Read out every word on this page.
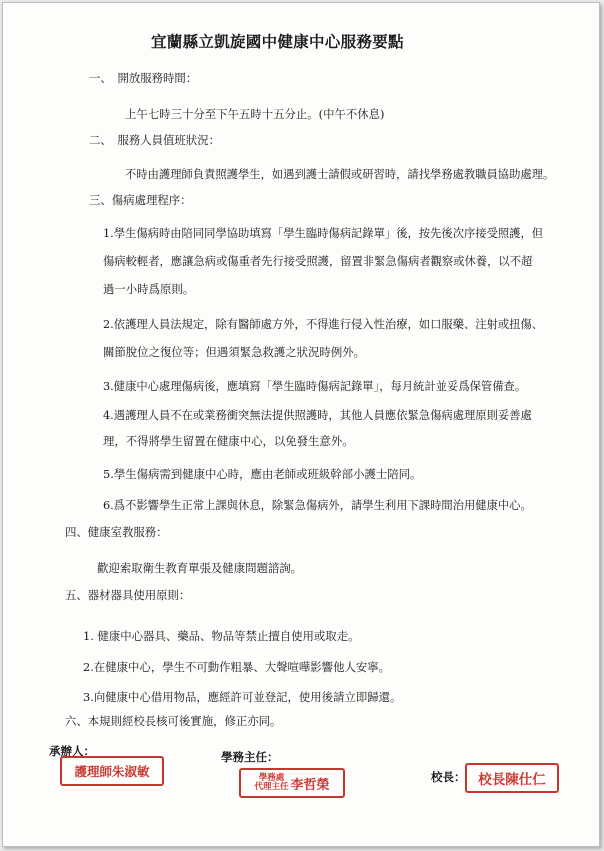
宜蘭縣立凱旋國中健康中心服務要點
一、　開放服務時間：
上午七時三十分至下午五時十五分止。(中午不休息)
二、　服務人員值班狀況：
不時由護理師負責照護學生，如遇到護士請假或研習時，請找學務處教職員協助處理。
三、傷病處理程序：
1.學生傷病時由陪同同學協助填寫「學生臨時傷病記錄單」後，按先後次序接受照護，但
傷病較輕者，應讓急病或傷重者先行接受照護，留置非緊急傷病者觀察或休養，以不超
過一小時爲原則。
2.依護理人員法規定，除有醫師處方外，不得進行侵入性治療，如口服藥、注射或扭傷、
關節脫位之復位等；但遇須緊急救護之狀況時例外。
3.健康中心處理傷病後，應填寫「學生臨時傷病記錄單」，每月統計並妥爲保管備查。
4.遇護理人員不在或業務衝突無法提供照護時，其他人員應依緊急傷病處理原則妥善處
理，不得將學生留置在健康中心，以免發生意外。
5.學生傷病需到健康中心時，應由老師或班級幹部小護士陪同。
6.爲不影響學生正常上課與休息，除緊急傷病外，請學生利用下課時間治用健康中心。
四、健康室教服務：
歡迎索取衛生教育單張及健康問題諮詢。
五、器材器具使用原則：
1. 健康中心器具、藥品、物品等禁止擅自使用或取走。
2.在健康中心，學生不可動作粗暴、大聲喧嘩影響他人安寧。
3.向健康中心借用物品，應經許可並登記，使用後請立即歸還。
六、本規則經校長核可後實施，修正亦同。
承辦人：
護理師朱淑敏
學務主任：
學務處
代理主任 李哲榮
校長： 校長陳仕仁
